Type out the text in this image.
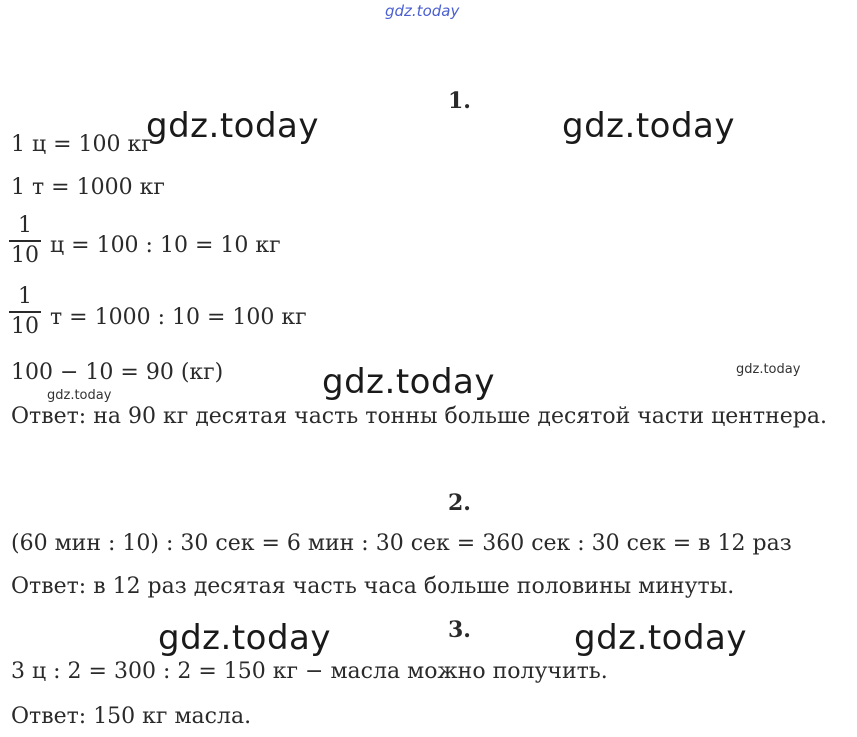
gdz.today
gdz.today	gdz.today
gdz.today
gdz.today
gdz.today
gdz.today	gdz.today
1.
1 ц = 100 кг
1 т = 1000 кг
1
10 ц = 100 : 10 = 10 кг
1
10 т = 1000 : 10 = 100 кг
100 − 10 = 90 (кг)
Ответ: на 90 кг десятая часть тонны больше десятой части центнера.
2.
(60 мин : 10) : 30 сек = 6 мин : 30 сек = 360 сек : 30 сек = в 12 раз
Ответ: в 12 раз десятая часть часа больше половины минуты.
3.
3 ц : 2 = 300 : 2 = 150 кг − масла можно получить.
Ответ: 150 кг масла.
